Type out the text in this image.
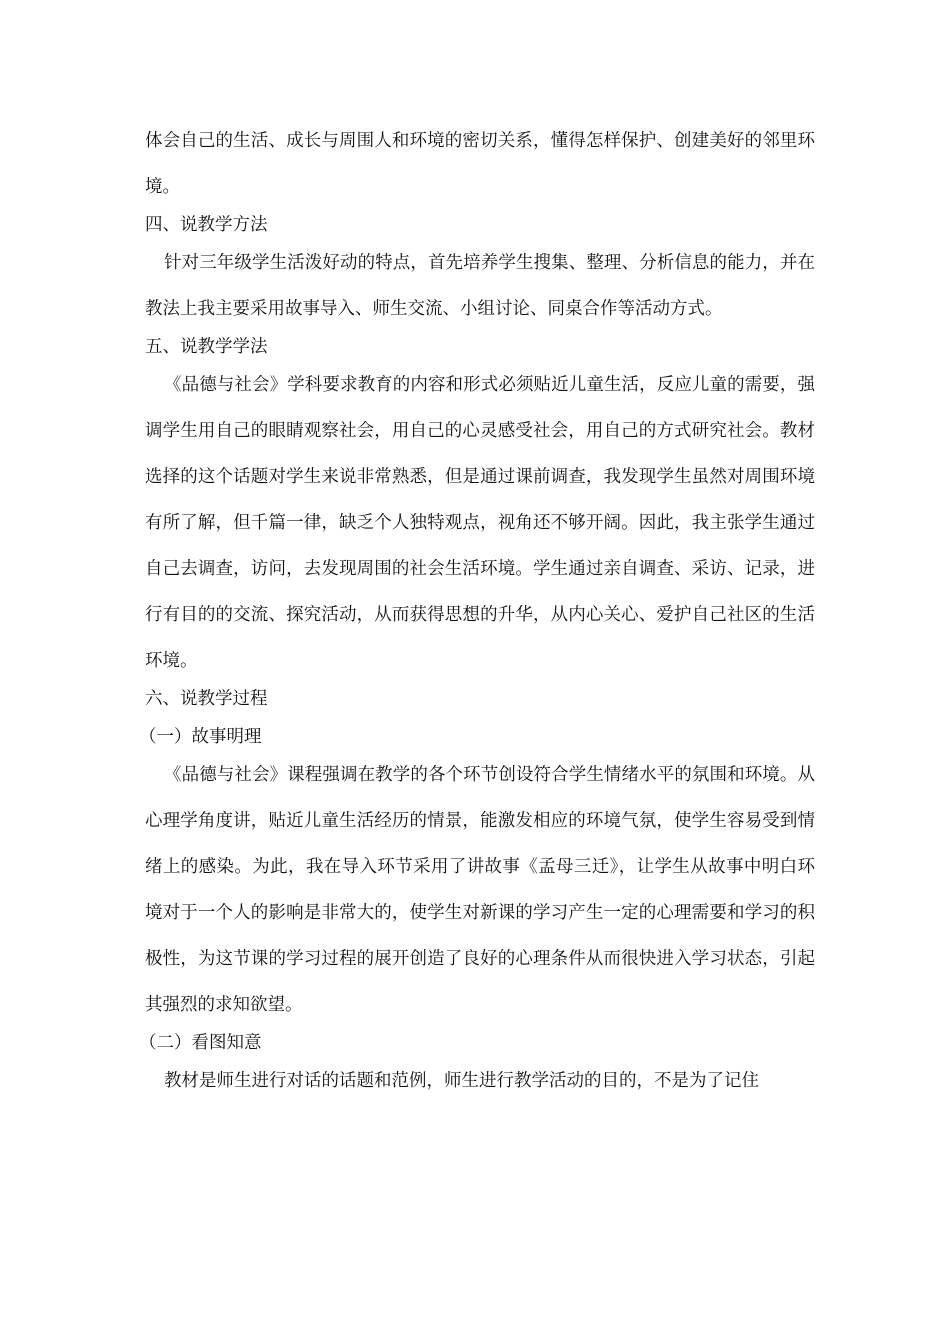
体会自己的生活、成长与周围人和环境的密切关系，懂得怎样保护、创建美好的邻里环境。

四、说教学方法

针对三年级学生活泼好动的特点，首先培养学生搜集、整理、分析信息的能力，并在教法上我主要采用故事导入、师生交流、小组讨论、同桌合作等活动方式。

五、说教学学法

《品德与社会》学科要求教育的内容和形式必须贴近儿童生活，反应儿童的需要，强调学生用自己的眼睛观察社会，用自己的心灵感受社会，用自己的方式研究社会。教材选择的这个话题对学生来说非常熟悉，但是通过课前调查，我发现学生虽然对周围环境有所了解，但千篇一律，缺乏个人独特观点，视角还不够开阔。因此，我主张学生通过自己去调查，访问，去发现周围的社会生活环境。学生通过亲自调查、采访、记录，进行有目的的交流、探究活动，从而获得思想的升华，从内心关心、爱护自己社区的生活环境。

六、说教学过程

（一）故事明理

《品德与社会》课程强调在教学的各个环节创设符合学生情绪水平的氛围和环境。从心理学角度讲，贴近儿童生活经历的情景，能激发相应的环境气氛，使学生容易受到情绪上的感染。为此，我在导入环节采用了讲故事《孟母三迁》，让学生从故事中明白环境对于一个人的影响是非常大的，使学生对新课的学习产生一定的心理需要和学习的积极性，为这节课的学习过程的展开创造了良好的心理条件从而很快进入学习状态，引起其强烈的求知欲望。

（二）看图知意

教材是师生进行对话的话题和范例，师生进行教学活动的目的，不是为了记住
